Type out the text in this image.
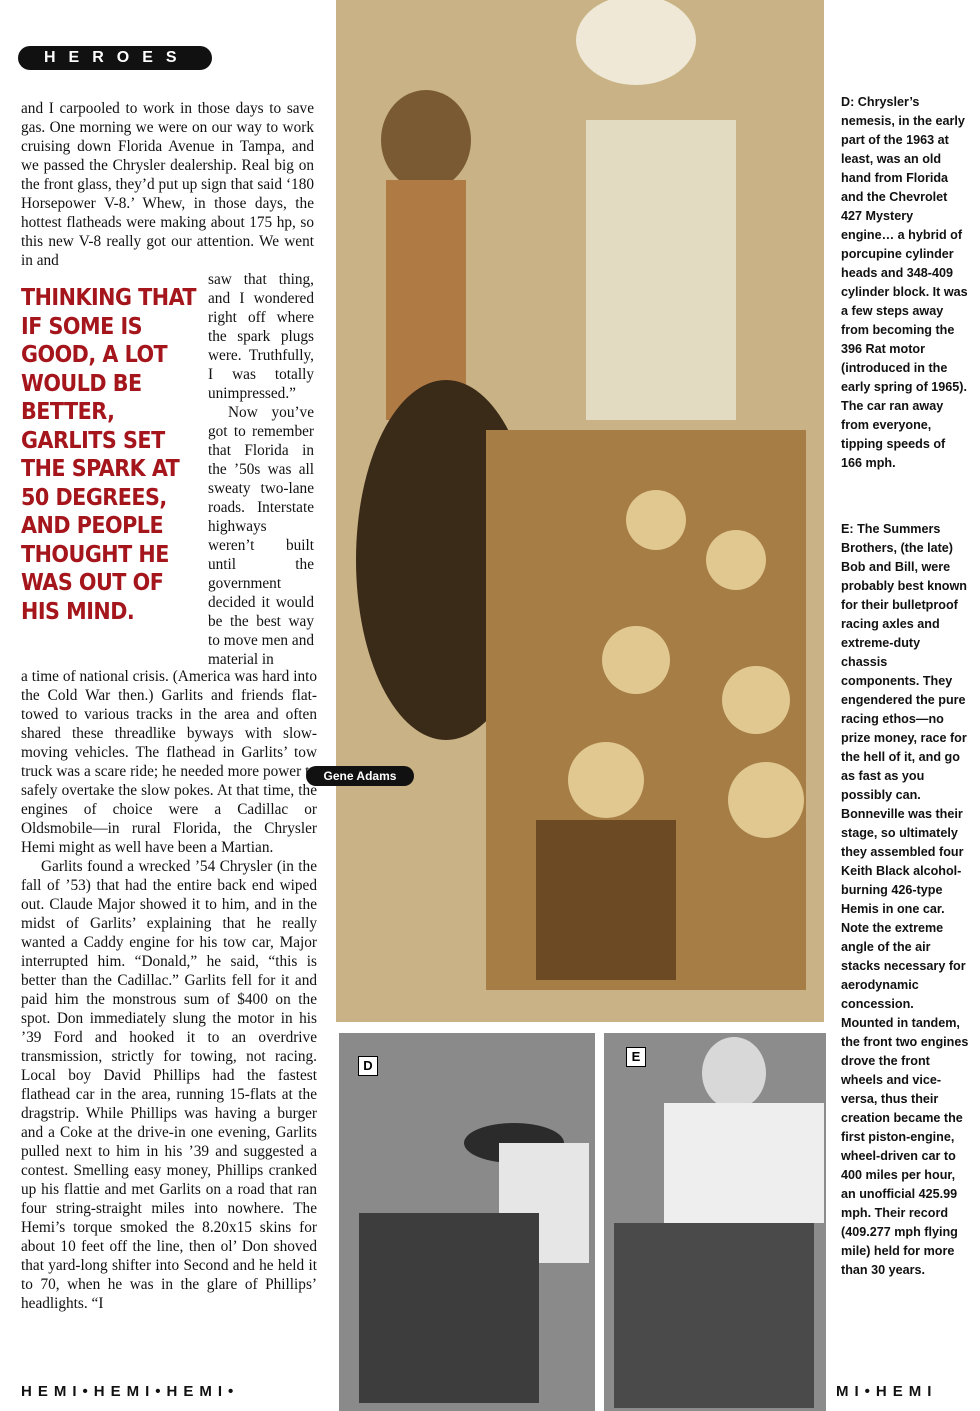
HEROES
Gene Adams
D
E

and I carpooled to work in those days to save gas. One morning we were on our way to work cruising down Florida Avenue in Tampa, and we passed the Chrysler dealership. Real big on the front glass, they’d put up sign that said ‘180 Horsepower V-8.’ Whew, in those days, the hottest flatheads were making about 175 hp, so this new V-8 really got our attention. We went in and

THINKING THAT IF SOME IS GOOD, A LOT WOULD BE BETTER, GARLITS SET THE SPARK AT 50 DEGREES, AND PEOPLE THOUGHT HE WAS OUT OF HIS MIND.

saw that thing, and I wondered right off where the spark plugs were. Truthfully, I was totally unimpressed.”

Now you’ve got to remember that Florida in the ’50s was all sweaty two-lane roads. Interstate highways weren’t built until the government decided it would be the best way to move men and material in

a time of national crisis. (America was hard into the Cold War then.) Garlits and friends flat-towed to various tracks in the area and often shared these threadlike byways with slow-moving vehicles. The flathead in Garlits’ tow truck was a scare ride; he needed more power to safely overtake the slow pokes. At that time, the engines of choice were a Cadillac or Oldsmobile—in rural Florida, the Chrysler Hemi might as well have been a Martian.

Garlits found a wrecked ’54 Chrysler (in the fall of ’53) that had the entire back end wiped out. Claude Major showed it to him, and in the midst of Garlits’ explaining that he really wanted a Caddy engine for his tow car, Major interrupted him. “Donald,” he said, “this is better than the Cadillac.” Garlits fell for it and paid him the monstrous sum of $400 on the spot. Don immediately slung the motor in his ’39 Ford and hooked it to an overdrive transmission, strictly for towing, not racing. Local boy David Phillips had the fastest flathead car in the area, running 15-flats at the dragstrip. While Phillips was having a burger and a Coke at the drive-in one evening, Garlits pulled next to him in his ’39 and suggested a contest. Smelling easy money, Phillips cranked up his flattie and met Garlits on a road that ran four string-straight miles into nowhere. The Hemi’s torque smoked the 8.20x15 skins for about 10 feet off the line, then ol’ Don shoved that yard-long shifter into Second and he held it to 70, when he was in the glare of Phillips’ headlights. “I

D: Chrysler’s nemesis, in the early part of the 1963 at least, was an old hand from Florida and the Chevrolet 427 Mystery engine… a hybrid of porcupine cylinder heads and 348-409 cylinder block. It was a few steps away from becoming the 396 Rat motor (introduced in the early spring of 1965). The car ran away from everyone, tipping speeds of 166 mph.

E: The Summers Brothers, (the late) Bob and Bill, were probably best known for their bulletproof racing axles and extreme-duty chassis components. They engendered the pure racing ethos—no prize money, race for the hell of it, and go as fast as you possibly can. Bonneville was their stage, so ultimately they assembled four Keith Black alcohol-burning 426-type Hemis in one car. Note the extreme angle of the air stacks necessary for aerodynamic concession. Mounted in tandem, the front two engines drove the front wheels and vice-versa, thus their creation became the first piston-engine, wheel-driven car to 400 miles per hour, an unofficial 425.99 mph. Their record (409.277 mph flying mile) held for more than 30 years.

HEMI•HEMI•HEMI•	MI•HEMI
